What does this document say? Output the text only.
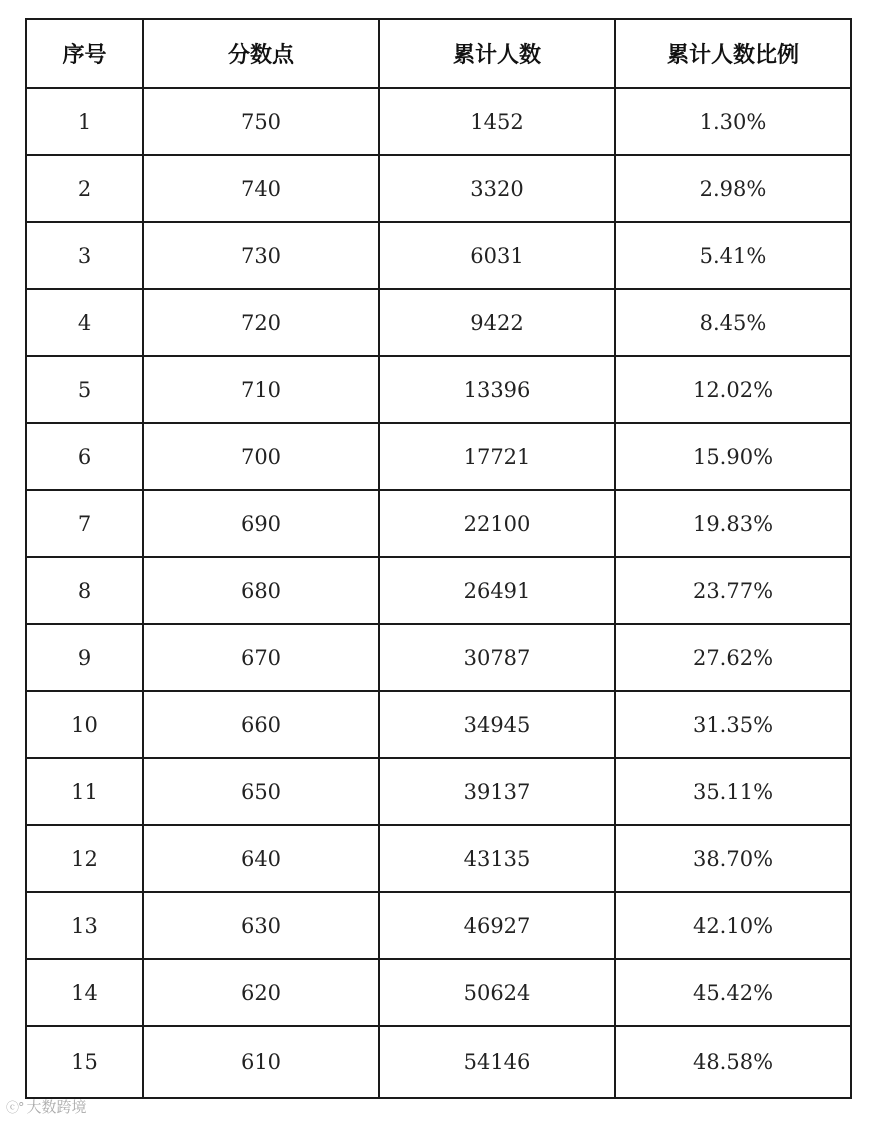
序号	分数点	累计人数	累计人数比例
1	750	1452	1.30%
2	740	3320	2.98%
3	730	6031	5.41%
4	720	9422	8.45%
5	710	13396	12.02%
6	700	17721	15.90%
7	690	22100	19.83%
8	680	26491	23.77%
9	670	30787	27.62%
10	660	34945	31.35%
11	650	39137	35.11%
12	640	43135	38.70%
13	630	46927	42.10%
14	620	50624	45.42%
15	610	54146	48.58%
ⓒ° 大数跨境
